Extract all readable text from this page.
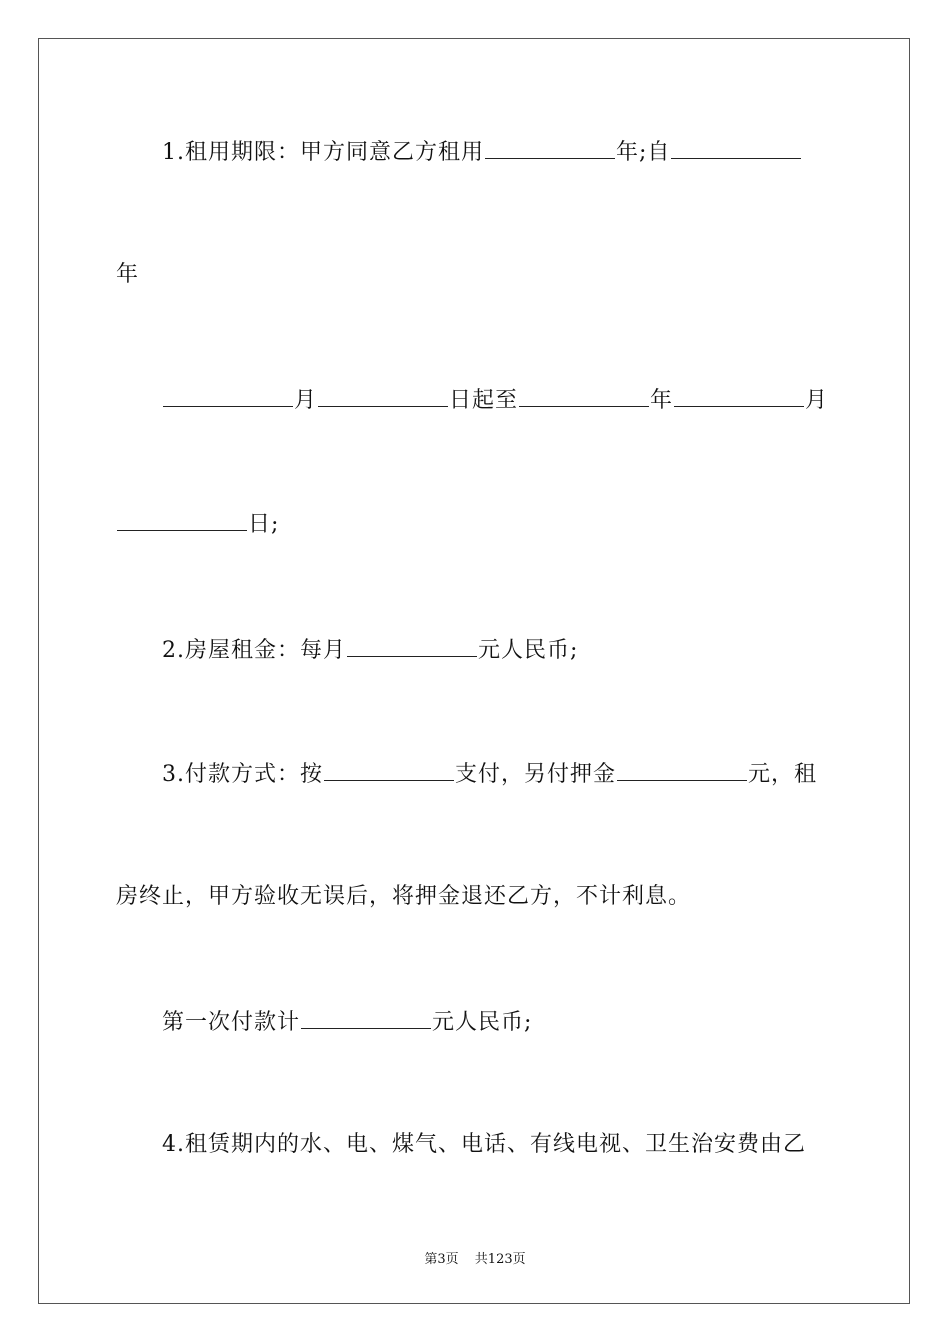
1.租用期限：甲方同意乙方租用	年;自
年
月	日起至	年	月
日;
2.房屋租金：每月	元人民币;
3.付款方式：按	支付，另付押金	元，租
房终止，甲方验收无误后，将押金退还乙方，不计利息。
第一次付款计	元人民币;
4.租赁期内的水、电、煤气、电话、有线电视、卫生治安费由乙
第3页 共123页
